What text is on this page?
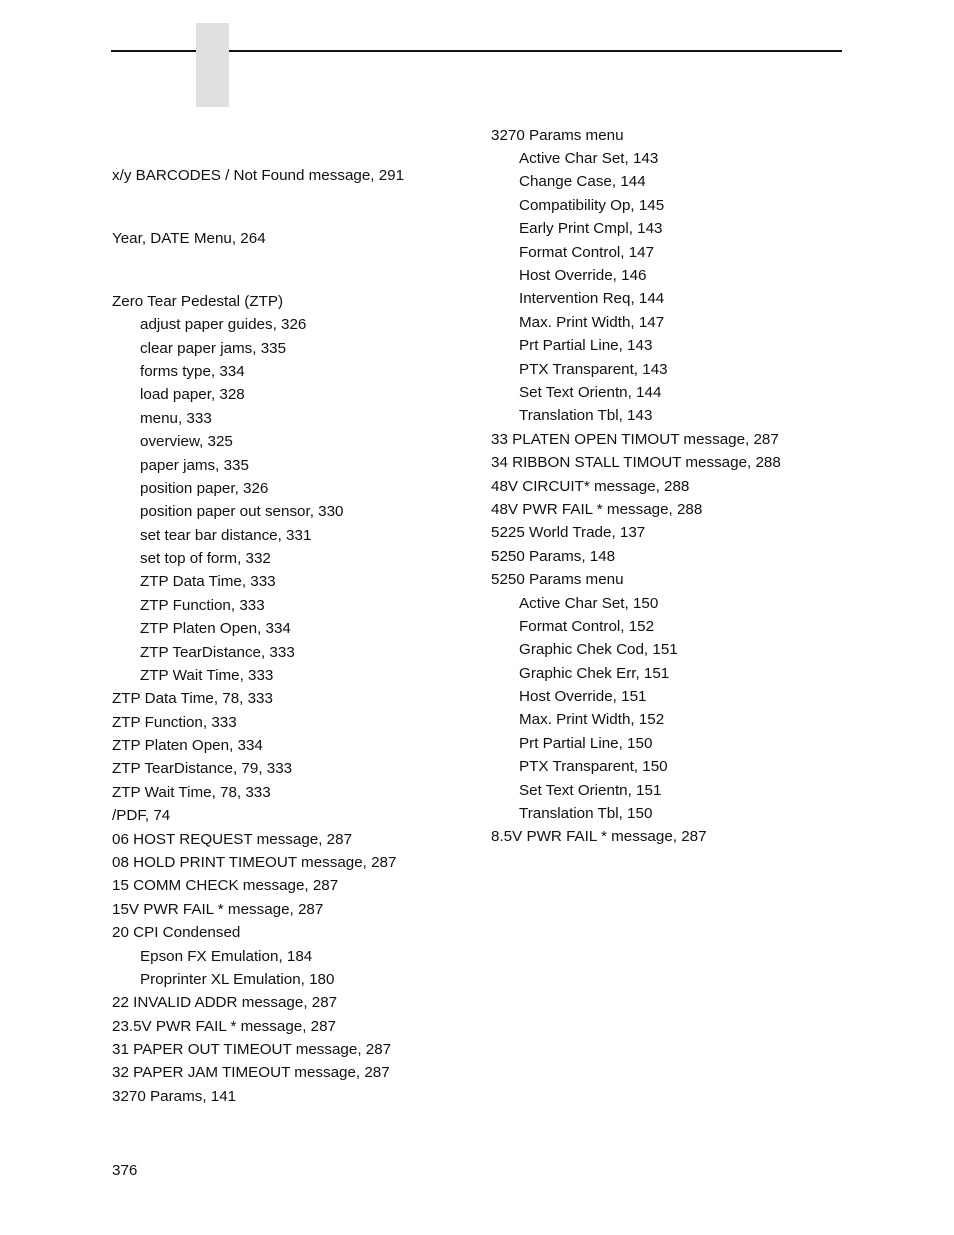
x/y BARCODES / Not Found message, 291
Year, DATE Menu, 264
Zero Tear Pedestal (ZTP)
adjust paper guides, 326
clear paper jams, 335
forms type, 334
load paper, 328
menu, 333
overview, 325
paper jams, 335
position paper, 326
position paper out sensor, 330
set tear bar distance, 331
set top of form, 332
ZTP Data Time, 333
ZTP Function, 333
ZTP Platen Open, 334
ZTP TearDistance, 333
ZTP Wait Time, 333
ZTP Data Time, 78, 333
ZTP Function, 333
ZTP Platen Open, 334
ZTP TearDistance, 79, 333
ZTP Wait Time, 78, 333
/PDF, 74
06 HOST REQUEST message, 287
08 HOLD PRINT TIMEOUT message, 287
15 COMM CHECK message, 287
15V PWR FAIL * message, 287
20 CPI Condensed
Epson FX Emulation, 184
Proprinter XL Emulation, 180
22 INVALID ADDR message, 287
23.5V PWR FAIL * message, 287
31 PAPER OUT TIMEOUT message, 287
32 PAPER JAM TIMEOUT message, 287
3270 Params, 141
3270 Params menu
Active Char Set, 143
Change Case, 144
Compatibility Op, 145
Early Print Cmpl, 143
Format Control, 147
Host Override, 146
Intervention Req, 144
Max. Print Width, 147
Prt Partial Line, 143
PTX Transparent, 143
Set Text Orientn, 144
Translation Tbl, 143
33 PLATEN OPEN TIMOUT message, 287
34 RIBBON STALL TIMOUT message, 288
48V CIRCUIT* message, 288
48V PWR FAIL * message, 288
5225 World Trade, 137
5250 Params, 148
5250 Params menu
Active Char Set, 150
Format Control, 152
Graphic Chek Cod, 151
Graphic Chek Err, 151
Host Override, 151
Max. Print Width, 152
Prt Partial Line, 150
PTX Transparent, 150
Set Text Orientn, 151
Translation Tbl, 150
8.5V PWR FAIL * message, 287
376
